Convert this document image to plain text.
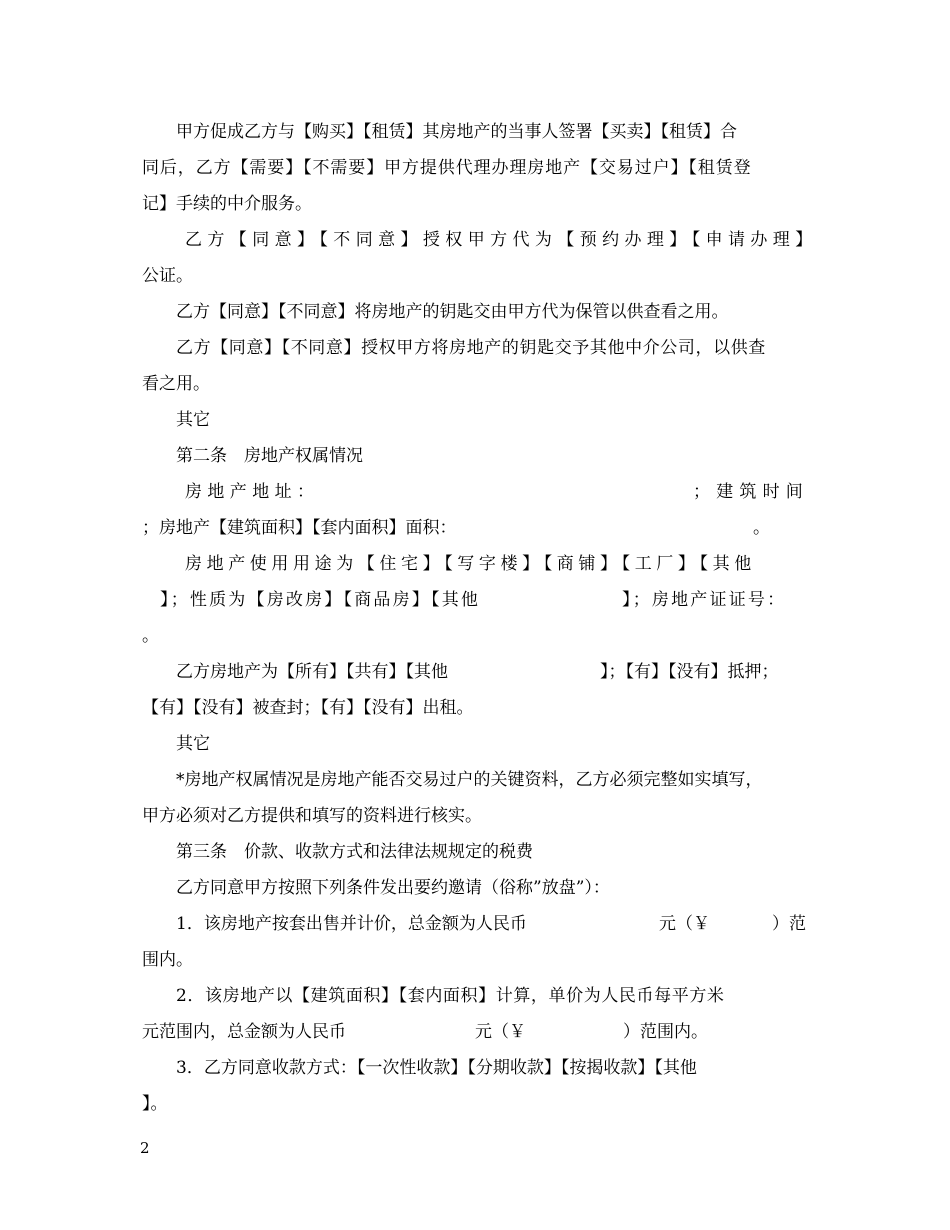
甲方促成乙方与【购买】【租赁】其房地产的当事人签署【买卖】【租赁】合
同后，乙方【需要】【不需要】甲方提供代理办理房地产【交易过户】【租赁登
记】手续的中介服务。
乙方【同意】【不同意】授权甲方代为【预约办理】【申请办理】
公证。
乙方【同意】【不同意】将房地产的钥匙交由甲方代为保管以供查看之用。
乙方【同意】【不同意】授权甲方将房地产的钥匙交予其他中介公司，以供查
看之用。
其它
第二条　房地产权属情况
房地产地址：	；建筑时间
；房地产【建筑面积】【套内面积】面积：	。
房地产使用用途为【住宅】【写字楼】【商铺】【工厂】【其他
】；性质为【房改房】【商品房】【其他	】；房地产证证号：
。
乙方房地产为【所有】【共有】【其他	】；【有】【没有】抵押；
【有】【没有】被查封；【有】【没有】出租。
其它
*房地产权属情况是房地产能否交易过户的关键资料，乙方必须完整如实填写，
甲方必须对乙方提供和填写的资料进行核实。
第三条　价款、收款方式和法律法规规定的税费
乙方同意甲方按照下列条件发出要约邀请（俗称”放盘”）：
1．该房地产按套出售并计价，总金额为人民币	元（￥	）范
围内。
2．该房地产以【建筑面积】【套内面积】计算，单价为人民币每平方米
元范围内，总金额为人民币	元（￥	）范围内。
3．乙方同意收款方式：【一次性收款】【分期收款】【按揭收款】【其他
】。
2
